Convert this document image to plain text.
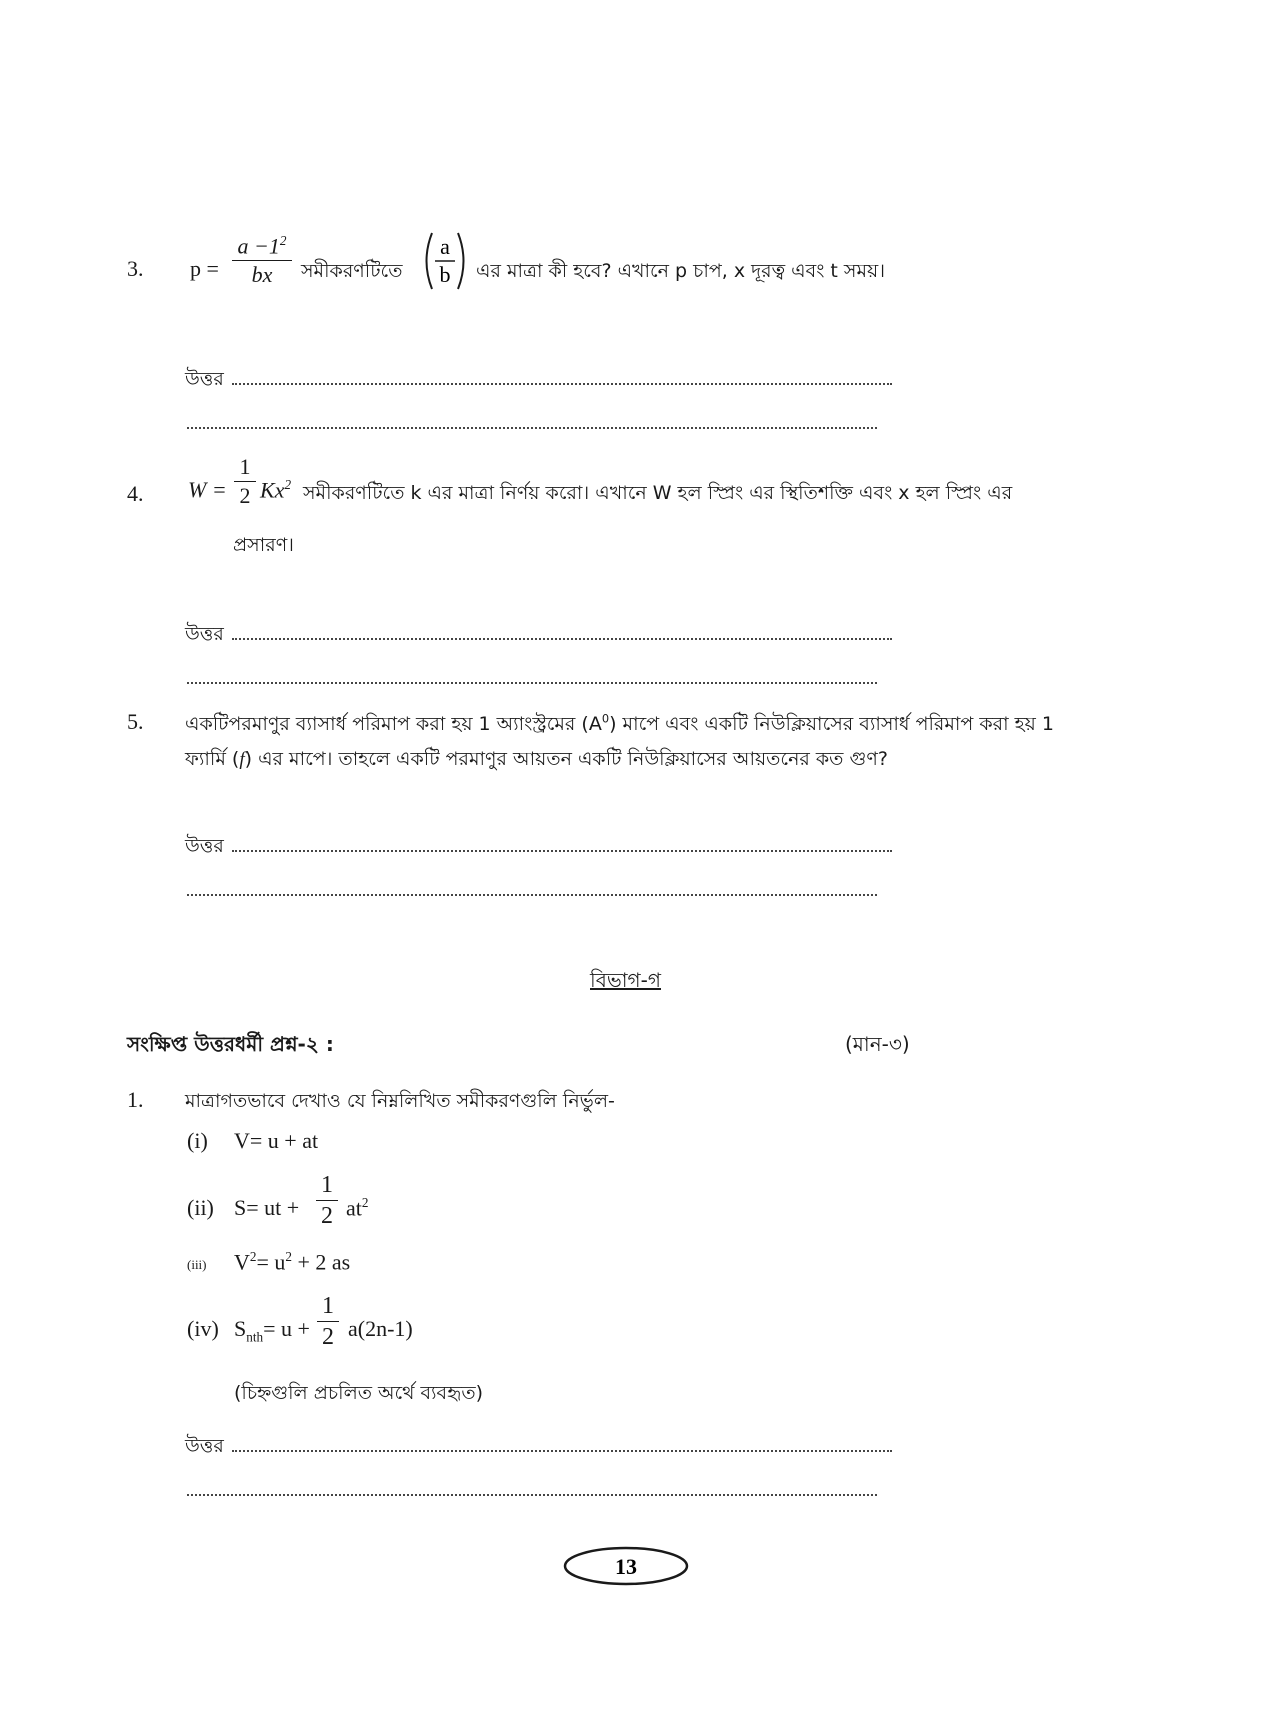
3. p =
$a -1^2$
bx	সমীকরণটিতে
a
b এর মাত্রা কী হবে? এখানে p চাপ, x দূরত্ব এবং t সময়।
উত্তর
4. W =
1
2 Kx$^2$ সমীকরণটিতে k এর মাত্রা নির্ণয় করো। এখানে W হল স্প্রিং এর স্থিতিশক্তি এবং x হল স্প্রিং এর
প্রসারণ।
উত্তর
5. একটিপরমাণুর ব্যাসার্ধ পরিমাপ করা হয় 1 অ্যাংস্ট্রমের $(A^0)$ মাপে এবং একটি নিউক্লিয়াসের ব্যাসার্ধ পরিমাপ করা হয় 1
ফ্যার্মি (f) এর মাপে। তাহলে একটি পরমাণুর আয়তন একটি নিউক্লিয়াসের আয়তনের কত গুণ?
উত্তর
বিভাগ-গ
সংক্ষিপ্ত উত্তরধর্মী প্রশ্ন-২ :	(মান-৩)
1. মাত্রাগতভাবে দেখাও যে নিম্নলিখিত সমীকরণগুলি নির্ভুল-
(i) V= u + at
(ii) S= ut +
1
2 $at^2$
(iii) $V^2= u^2 + 2$ as
(iv) $S_{nth}= u$ +
1
2 a(2n-1)
(চিহ্নগুলি প্রচলিত অর্থে ব্যবহৃত)
উত্তর
13
